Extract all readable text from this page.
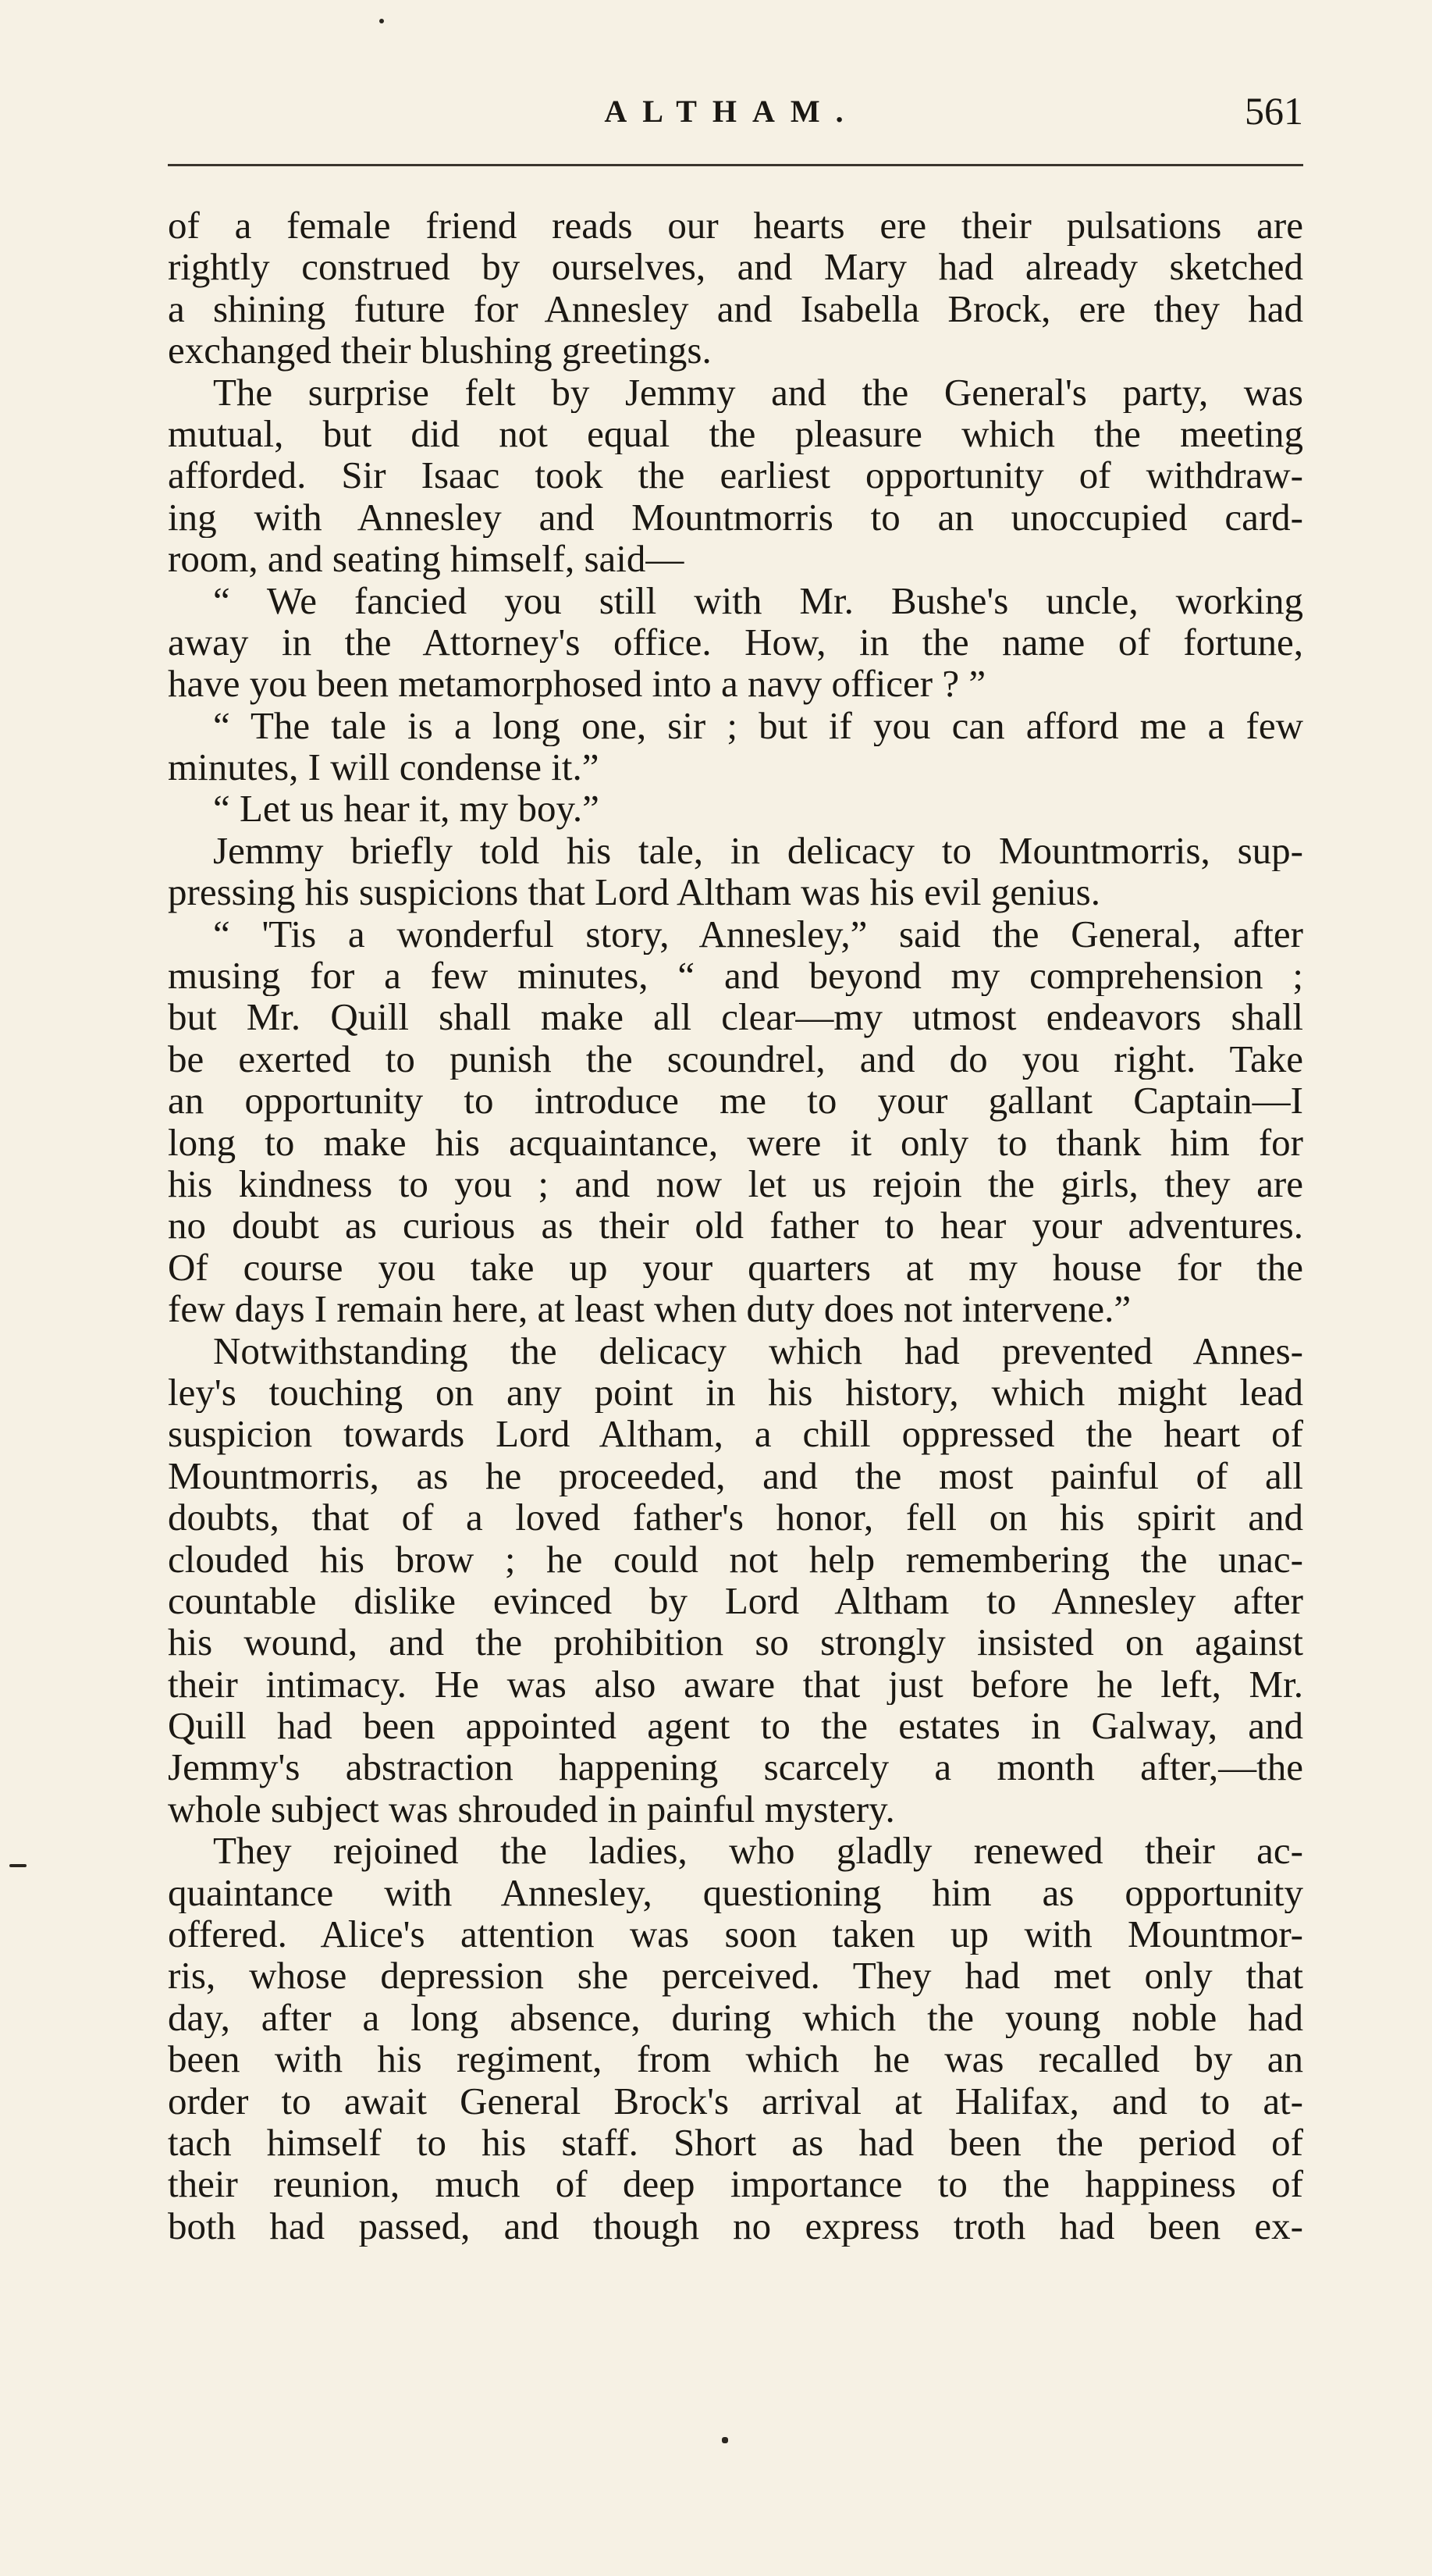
ALTHAM.	561
of a female friend reads our hearts ere their pulsations are
rightly construed by ourselves, and Mary had already sketched
a shining future for Annesley and Isabella Brock, ere they had
exchanged their blushing greetings.
The surprise felt by Jemmy and the General's party, was
mutual, but did not equal the pleasure which the meeting
afforded. Sir Isaac took the earliest opportunity of withdraw-
ing with Annesley and Mountmorris to an unoccupied card-
room, and seating himself, said—
“ We fancied you still with Mr. Bushe's uncle, working
away in the Attorney's office. How, in the name of fortune,
have you been metamorphosed into a navy officer ? ”
“ The tale is a long one, sir ; but if you can afford me a few
minutes, I will condense it.”
“ Let us hear it, my boy.”
Jemmy briefly told his tale, in delicacy to Mountmorris, sup-
pressing his suspicions that Lord Altham was his evil genius.
“ 'Tis a wonderful story, Annesley,” said the General, after
musing for a few minutes, “ and beyond my comprehension ;
but Mr. Quill shall make all clear—my utmost endeavors shall
be exerted to punish the scoundrel, and do you right. Take
an opportunity to introduce me to your gallant Captain—I
long to make his acquaintance, were it only to thank him for
his kindness to you ; and now let us rejoin the girls, they are
no doubt as curious as their old father to hear your adventures.
Of course you take up your quarters at my house for the
few days I remain here, at least when duty does not intervene.”
Notwithstanding the delicacy which had prevented Annes-
ley's touching on any point in his history, which might lead
suspicion towards Lord Altham, a chill oppressed the heart of
Mountmorris, as he proceeded, and the most painful of all
doubts, that of a loved father's honor, fell on his spirit and
clouded his brow ; he could not help remembering the unac-
countable dislike evinced by Lord Altham to Annesley after
his wound, and the prohibition so strongly insisted on against
their intimacy. He was also aware that just before he left, Mr.
Quill had been appointed agent to the estates in Galway, and
Jemmy's abstraction happening scarcely a month after,—the
whole subject was shrouded in painful mystery.
They rejoined the ladies, who gladly renewed their ac-
quaintance with Annesley, questioning him as opportunity
offered. Alice's attention was soon taken up with Mountmor-
ris, whose depression she perceived. They had met only that
day, after a long absence, during which the young noble had
been with his regiment, from which he was recalled by an
order to await General Brock's arrival at Halifax, and to at-
tach himself to his staff. Short as had been the period of
their reunion, much of deep importance to the happiness of
both had passed, and though no express troth had been ex-
